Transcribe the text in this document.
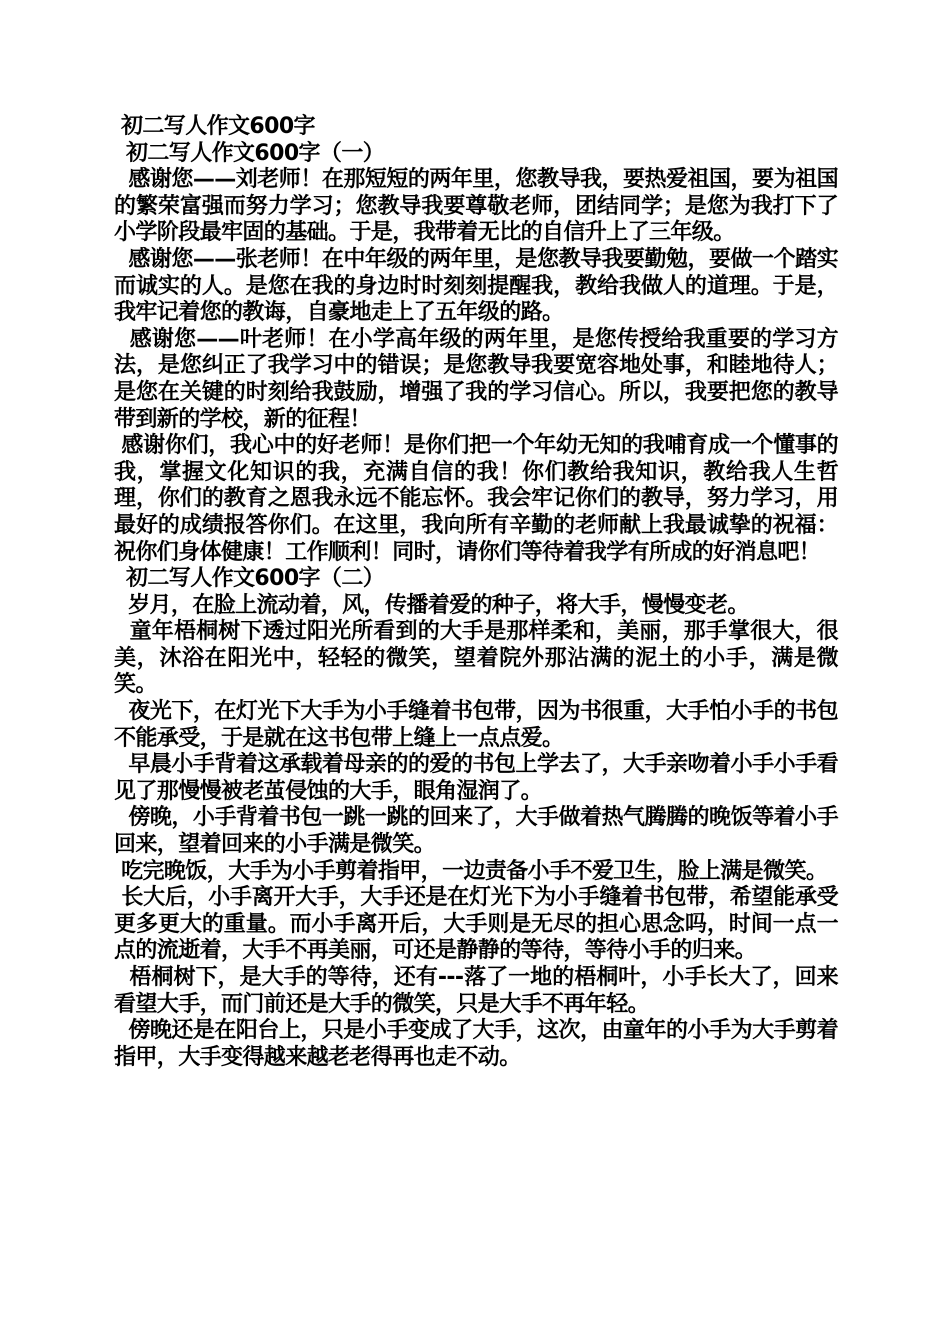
初二写人作文600字

初二写人作文600字（一）

感谢您——刘老师！在那短短的两年里，您教导我，要热爱祖国，要为祖国的繁荣富强而努力学习；您教导我要尊敬老师，团结同学；是您为我打下了小学阶段最牢固的基础。于是，我带着无比的自信升上了三年级。

感谢您——张老师！在中年级的两年里，是您教导我要勤勉，要做一个踏实而诚实的人。是您在我的身边时时刻刻提醒我，教给我做人的道理。于是，我牢记着您的教诲，自豪地走上了五年级的路。

感谢您——叶老师！在小学高年级的两年里，是您传授给我重要的学习方法，是您纠正了我学习中的错误；是您教导我要宽容地处事，和睦地待人；是您在关键的时刻给我鼓励，增强了我的学习信心。所以，我要把您的教导带到新的学校，新的征程！

感谢你们，我心中的好老师！是你们把一个年幼无知的我哺育成一个懂事的我，掌握文化知识的我，充满自信的我！你们教给我知识，教给我人生哲理，你们的教育之恩我永远不能忘怀。我会牢记你们的教导，努力学习，用最好的成绩报答你们。在这里，我向所有辛勤的老师献上我最诚挚的祝福：祝你们身体健康！工作顺利！同时，请你们等待着我学有所成的好消息吧！

初二写人作文600字（二）

岁月，在脸上流动着，风，传播着爱的种子，将大手，慢慢变老。

童年梧桐树下透过阳光所看到的大手是那样柔和，美丽，那手掌很大，很美，沐浴在阳光中，轻轻的微笑，望着院外那沾满的泥土的小手，满是微笑。

夜光下，在灯光下大手为小手缝着书包带，因为书很重，大手怕小手的书包不能承受，于是就在这书包带上缝上一点点爱。

早晨小手背着这承载着母亲的的爱的书包上学去了，大手亲吻着小手小手看见了那慢慢被老茧侵蚀的大手，眼角湿润了。

傍晚，小手背着书包一跳一跳的回来了，大手做着热气腾腾的晚饭等着小手回来，望着回来的小手满是微笑。

吃完晚饭，大手为小手剪着指甲，一边责备小手不爱卫生，脸上满是微笑。

长大后，小手离开大手，大手还是在灯光下为小手缝着书包带，希望能承受更多更大的重量。而小手离开后，大手则是无尽的担心思念吗，时间一点一点的流逝着，大手不再美丽，可还是静静的等待，等待小手的归来。

梧桐树下，是大手的等待，还有---落了一地的梧桐叶，小手长大了，回来看望大手，而门前还是大手的微笑，只是大手不再年轻。

傍晚还是在阳台上，只是小手变成了大手，这次，由童年的小手为大手剪着指甲，大手变得越来越老老得再也走不动。
